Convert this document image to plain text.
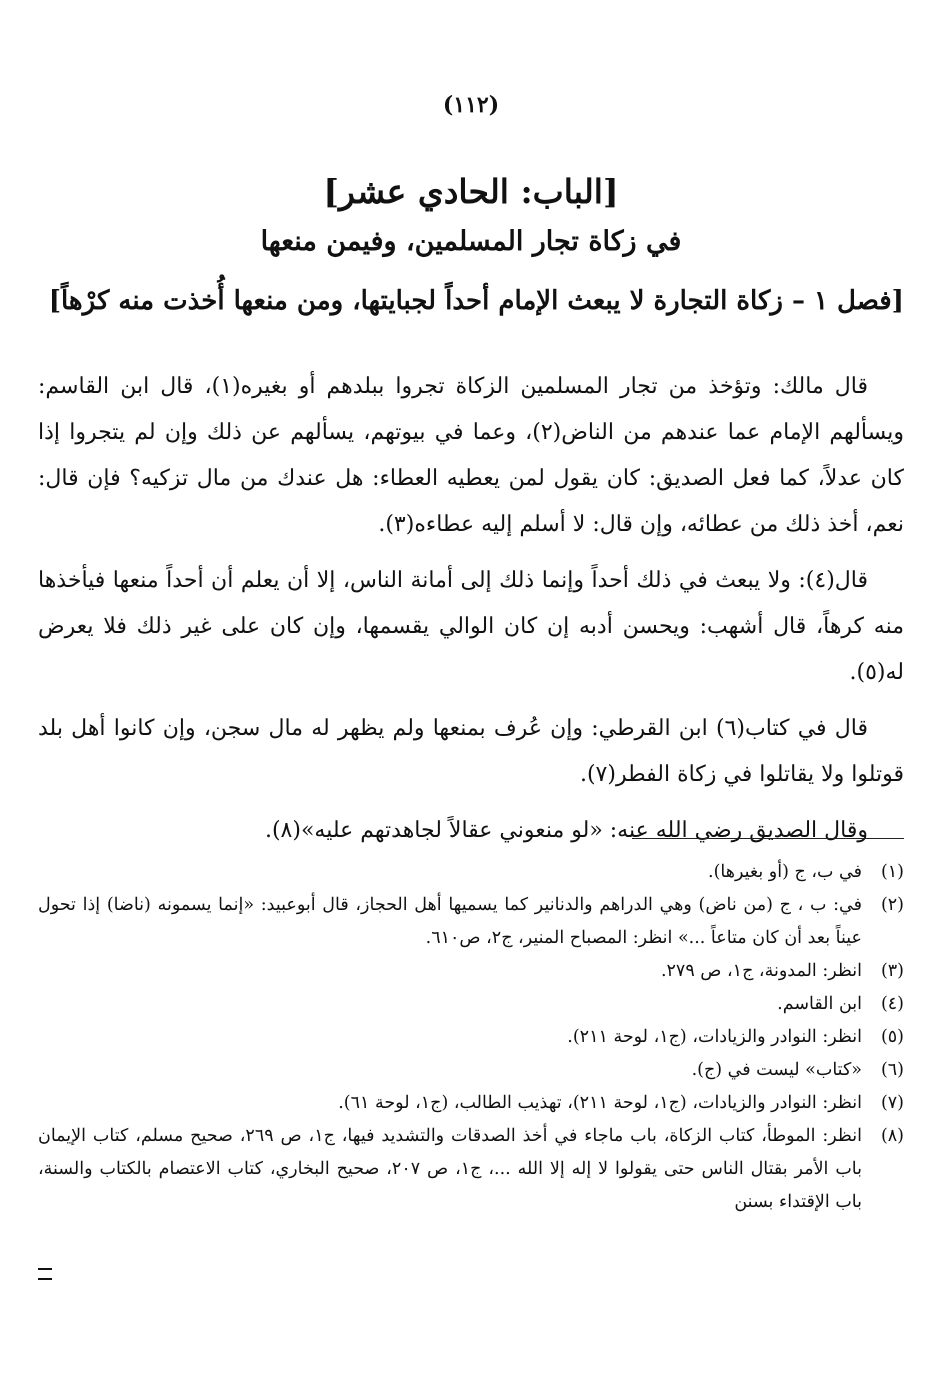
(١١٢)
[الباب: الحادي عشر]
في زكاة تجار المسلمين، وفيمن منعها
[فصل ١ – زكاة التجارة لا يبعث الإمام أحداً لجبايتها، ومن منعها أُخذت منه كرْهاً]

قال مالك: وتؤخذ من تجار المسلمين الزكاة تجروا ببلدهم أو بغيره(١)، قال ابن القاسم: ويسألهم الإمام عما عندهم من الناض(٢)، وعما في بيوتهم، يسألهم عن ذلك وإن لم يتجروا إذا كان عدلاً، كما فعل الصديق: كان يقول لمن يعطيه العطاء: هل عندك من مال تزكيه؟ فإن قال: نعم، أخذ ذلك من عطائه، وإن قال: لا أسلم إليه عطاءه(٣).

قال(٤): ولا يبعث في ذلك أحداً وإنما ذلك إلى أمانة الناس، إلا أن يعلم أن أحداً منعها فيأخذها منه كرهاً، قال أشهب: ويحسن أدبه إن كان الوالي يقسمها، وإن كان على غير ذلك فلا يعرض له(٥).

قال في كتاب(٦) ابن القرطي: وإن عُرف بمنعها ولم يظهر له مال سجن، وإن كانوا أهل بلد قوتلوا ولا يقاتلوا في زكاة الفطر(٧).

وقال الصديق رضي الله عنه: «لو منعوني عقالاً لجاهدتهم عليه»(٨).

(١)
في ب، ج (أو بغيرها).
(٢)
في: ب ، ج (من ناض) وهي الدراهم والدنانير كما يسميها أهل الحجاز، قال أبوعبيد: «إنما يسمونه (ناضا) إذا تحول عيناً بعد أن كان متاعاً ...» انظر: المصباح المنير، ج٢، ص٦١٠.
(٣)
انظر: المدونة، ج١، ص ٢٧٩.
(٤)
ابن القاسم.
(٥)
انظر: النوادر والزيادات، (ج١، لوحة ٢١١).
(٦)
«كتاب» ليست في (ج).
(٧)
انظر: النوادر والزيادات، (ج١، لوحة ٢١١)، تهذيب الطالب، (ج١، لوحة ٦١).
(٨)
انظر: الموطأ، كتاب الزكاة، باب ماجاء في أخذ الصدقات والتشديد فيها، ج١، ص ٢٦٩، صحيح مسلم، كتاب الإيمان باب الأمر بقتال الناس حتى يقولوا لا إله إلا الله ...، ج١، ص ٢٠٧، صحيح البخاري، كتاب الاعتصام بالكتاب والسنة، باب الإقتداء بسنن
